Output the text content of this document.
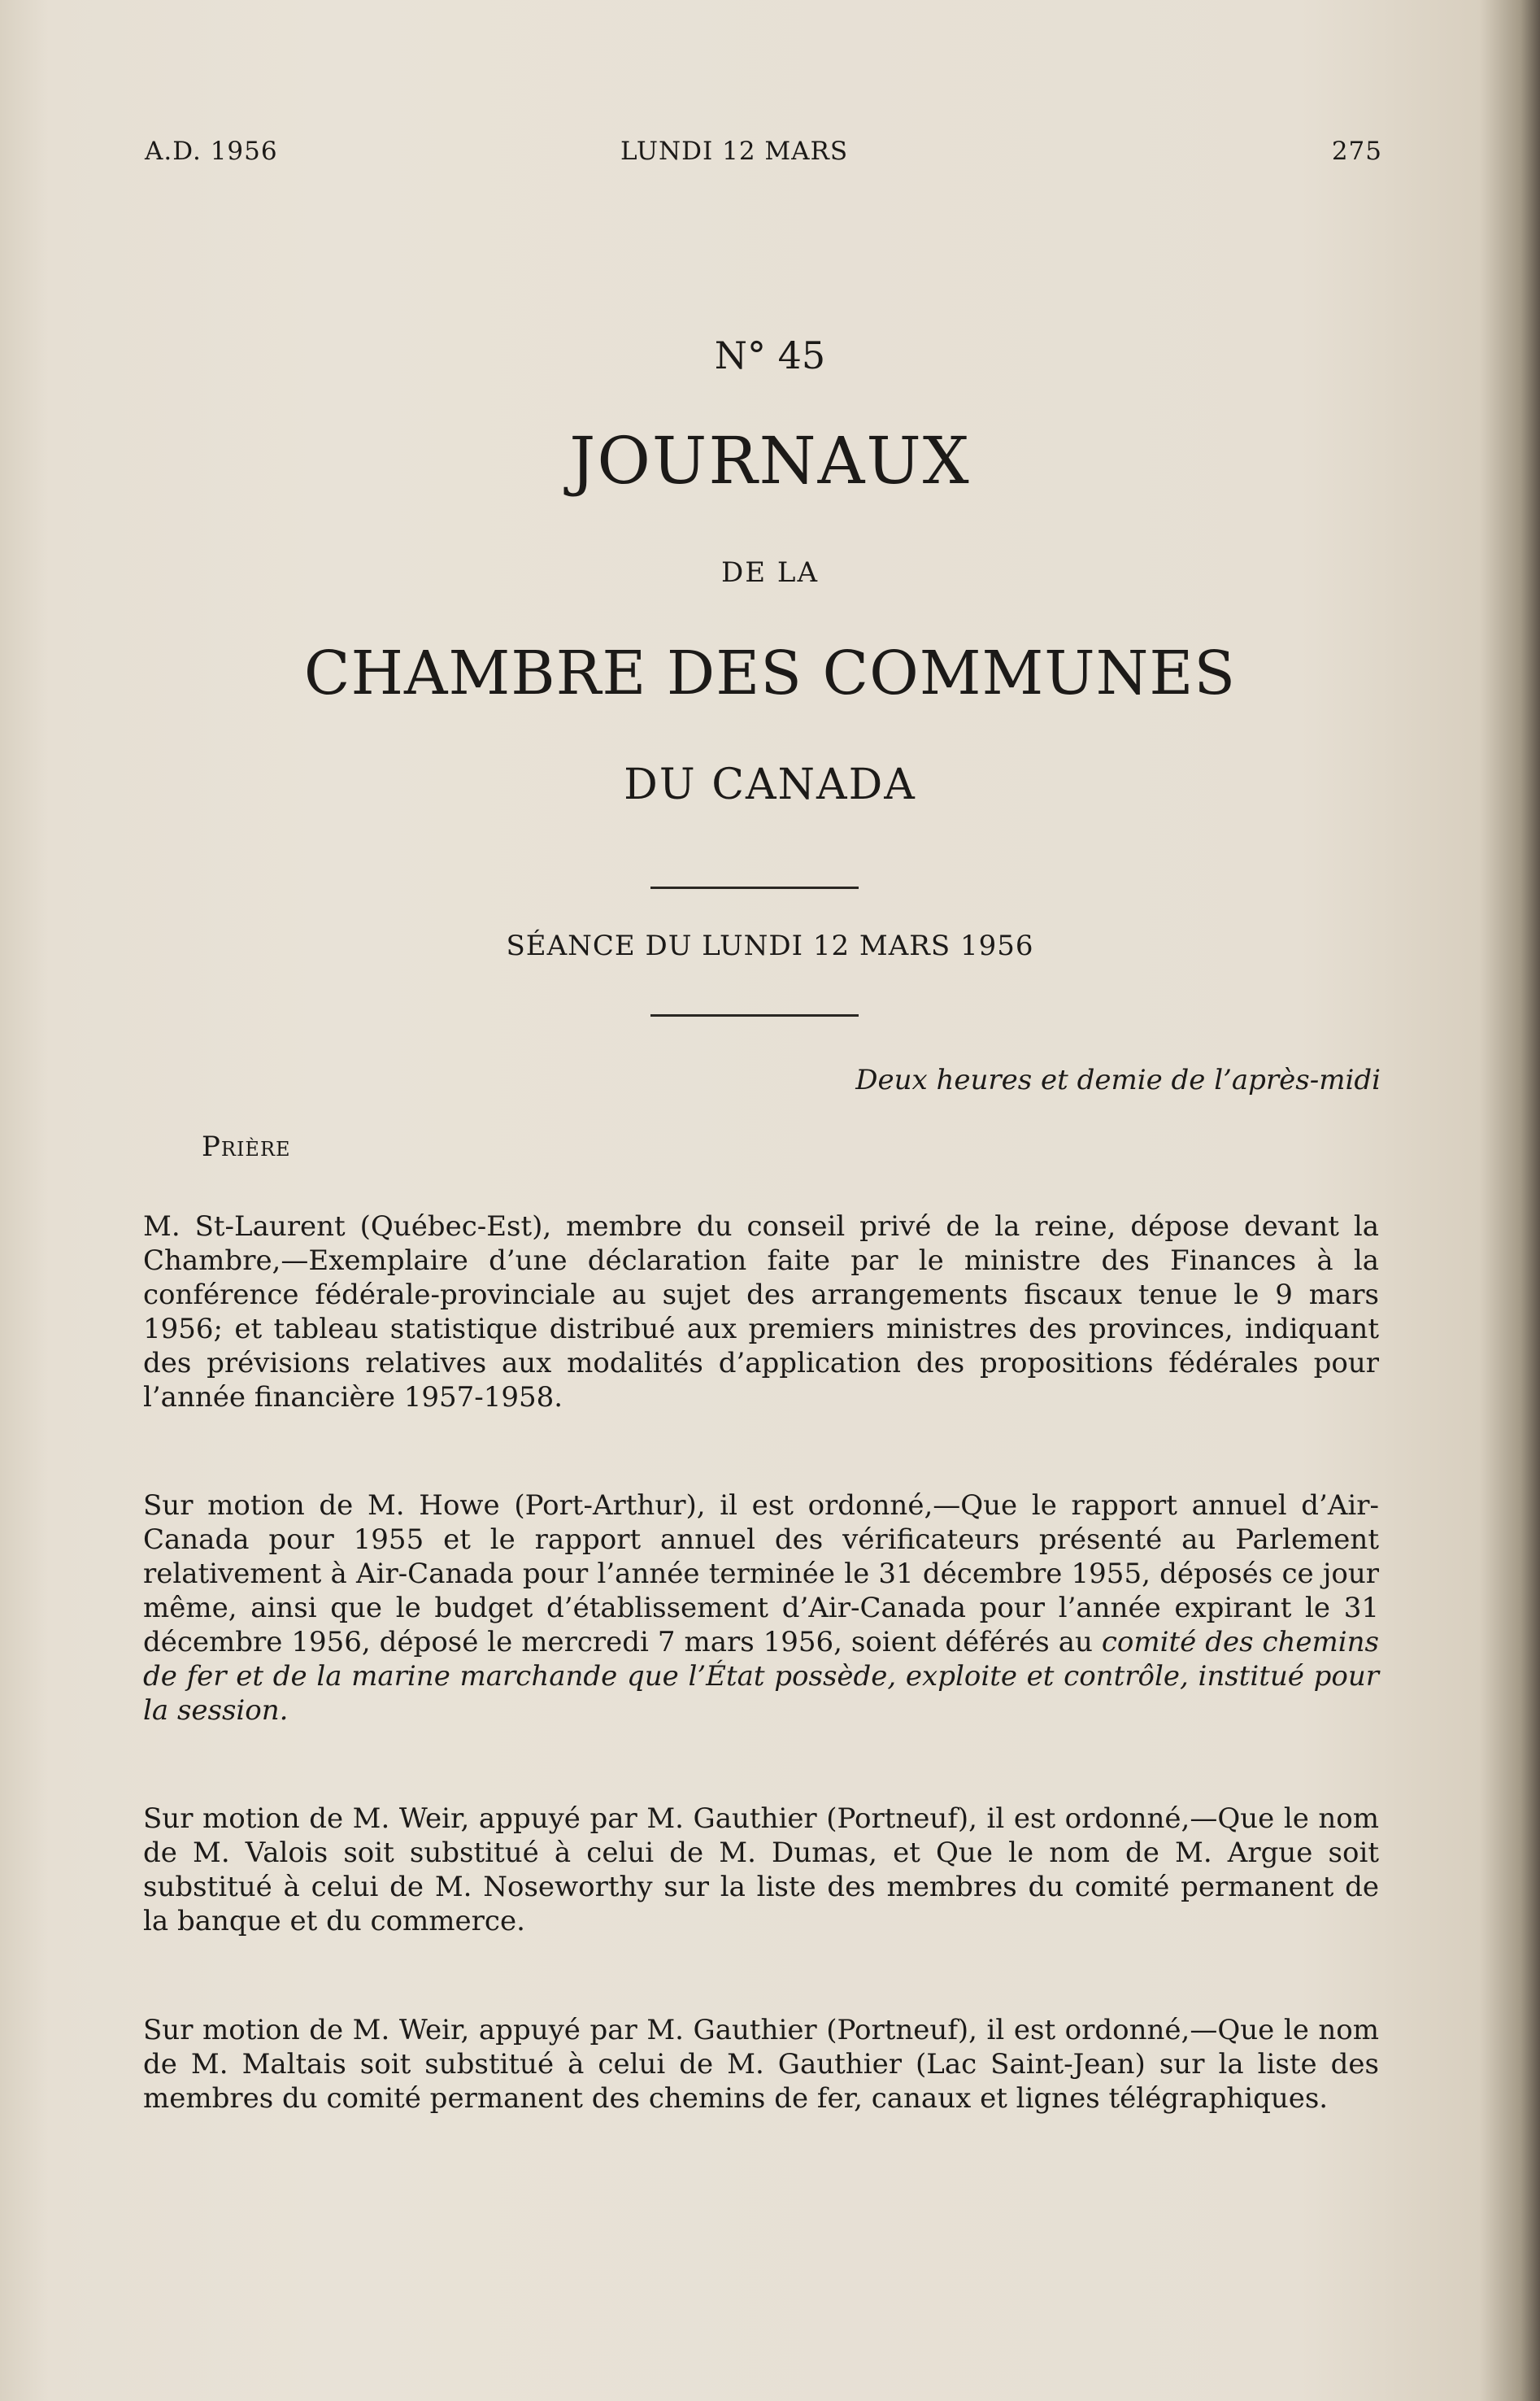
A.D. 1956	LUNDI 12 MARS	275
N° 45
JOURNAUX
DE LA
CHAMBRE DES COMMUNES
DU CANADA
SÉANCE DU LUNDI 12 MARS 1956
Deux heures et demie de l’après-midi
Prière

M. St-Laurent (Québec-Est), membre du conseil privé de la reine, dépose devant la Chambre,—Exemplaire d’une déclaration faite par le ministre des Finances à la conférence fédérale-provinciale au sujet des arrangements fiscaux tenue le 9 mars 1956; et tableau statistique distribué aux premiers ministres des provinces, indiquant des prévisions relatives aux modalités d’application des propositions fédérales pour l’année financière 1957-1958.

Sur motion de M. Howe (Port-Arthur), il est ordonné,—Que le rapport annuel d’Air-Canada pour 1955 et le rapport annuel des vérificateurs présenté au Parlement relativement à Air-Canada pour l’année terminée le 31 décembre 1955, déposés ce jour même, ainsi que le budget d’établissement d’Air-Canada pour l’année expirant le 31 décembre 1956, déposé le mercredi 7 mars 1956, soient déférés au comité des chemins de fer et de la marine marchande que l’État possède, exploite et contrôle, institué pour la session.

Sur motion de M. Weir, appuyé par M. Gauthier (Portneuf), il est ordonné,—Que le nom de M. Valois soit substitué à celui de M. Dumas, et Que le nom de M. Argue soit substitué à celui de M. Noseworthy sur la liste des membres du comité permanent de la banque et du commerce.

Sur motion de M. Weir, appuyé par M. Gauthier (Portneuf), il est ordonné,—Que le nom de M. Maltais soit substitué à celui de M. Gauthier (Lac Saint-Jean) sur la liste des membres du comité permanent des chemins de fer, canaux et lignes télégraphiques.
